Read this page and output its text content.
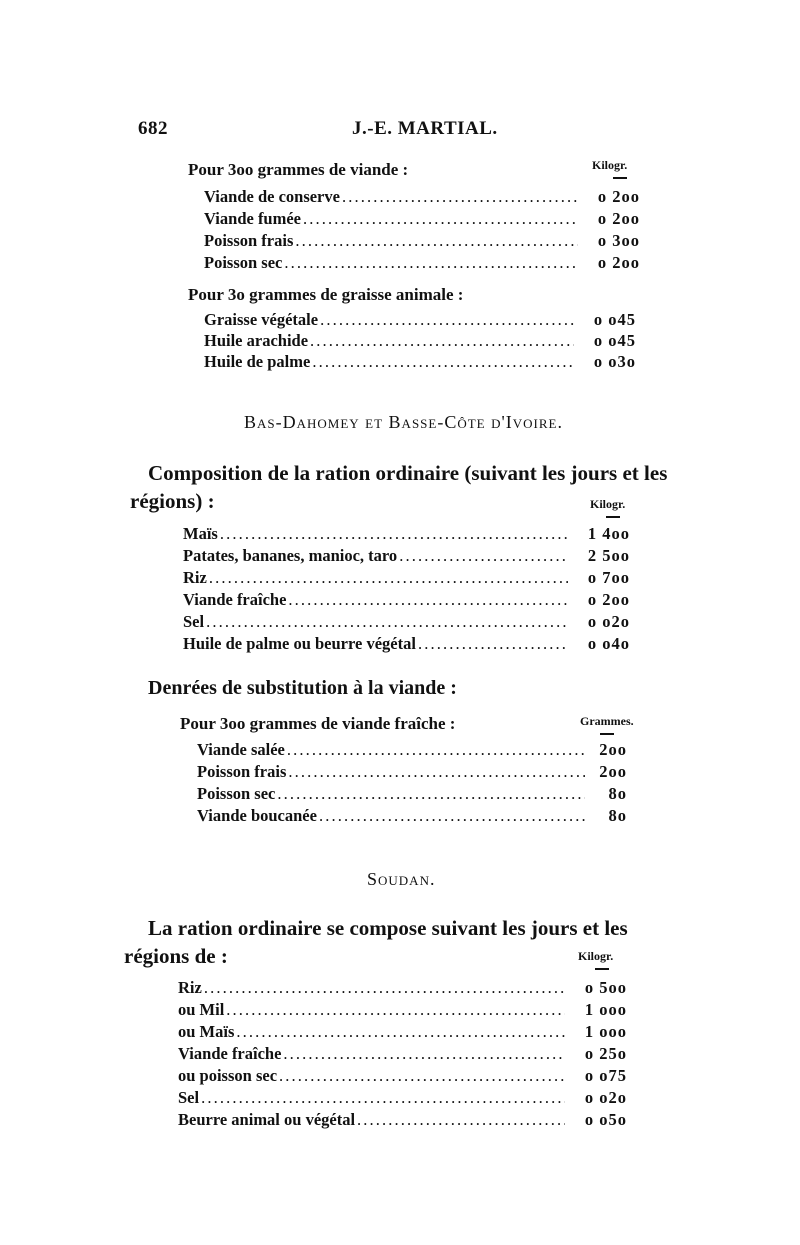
682	J.-E. MARTIAL.
Pour 3oo grammes de viande :	Kilogr.
Viande de conserve . . .	o 2oo
Viande fumée . . .	o 2oo
Poisson frais . . .	o 3oo
Poisson sec . . .	o 2oo
Pour 3o grammes de graisse animale :
Graisse végétale . . .	o o45
Huile arachide . . .	o o45
Huile de palme . . .	o o3o
Bas-Dahomey et Basse-Côte d'Ivoire.
Composition de la ration ordinaire (suivant les jours et les
régions) :	Kilogr.
Maïs . . .	1 4oo
Patates, bananes, manioc, taro . . .	2 5oo
Riz . . .	o 7oo
Viande fraîche . . .	o 2oo
Sel . . .	o o2o
Huile de palme ou beurre végétal . . .	o o4o
Denrées de substitution à la viande :
Pour 3oo grammes de viande fraîche :	Grammes.
Viande salée . . .	2oo
Poisson frais . . .	2oo
Poisson sec . . .	8o
Viande boucanée . . .	8o
Soudan.
La ration ordinaire se compose suivant les jours et les
régions de :	Kilogr.
Riz . . .	o 5oo
ou Mil . . .	1 ooo
ou Maïs . . .	1 ooo
Viande fraîche . . .	o 25o
ou poisson sec . . .	o o75
Sel . . .	o o2o
Beurre animal ou végétal . . .	o o5o
